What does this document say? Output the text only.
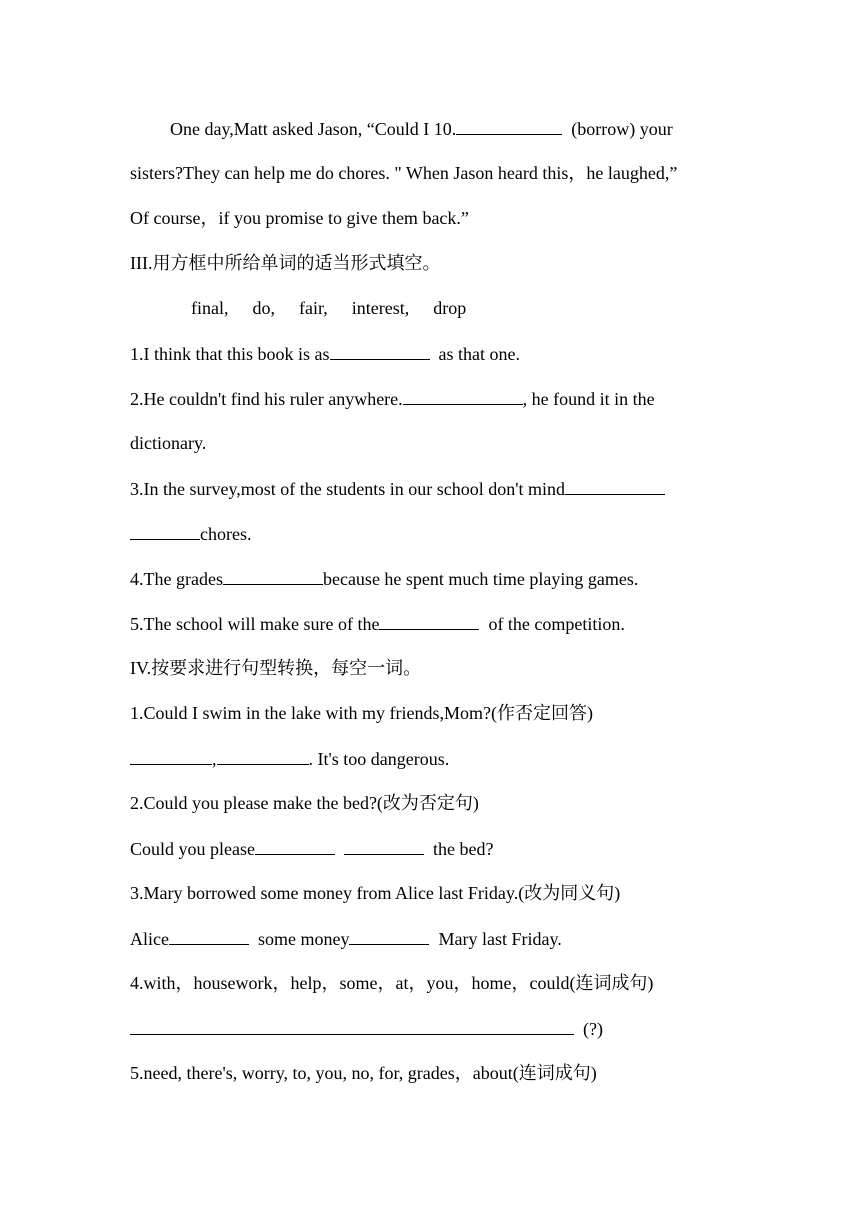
One day,Matt asked Jason, “Could I 10.	(borrow) your
sisters?They can help me do chores. " When Jason heard this，he laughed,”
Of course，if you promise to give them back.”
III.用方框中所给单词的适当形式填空。
final, do, fair, interest, drop
1.I think that this book is as	as that one.
2.He couldn't find his ruler anywhere.	, he found it in the
dictionary.
3.In the survey,most of the students in our school don't mind
chores.
4.The grades	because he spent much time playing games.
5.The school will make sure of the	of the competition.
IV.按要求进行句型转换，每空一词。
1.Could I swim in the lake with my friends,Mom?(作否定回答)
,	. It's too dangerous.
2.Could you please make the bed?(改为否定句)
Could you please	the bed?
3.Mary borrowed some money from Alice last Friday.(改为同义句)
Alice	some money	Mary last Friday.
4.with，housework，help，some，at，you，home，could(连词成句)
(?)
5.need, there's, worry, to, you, no, for, grades，about(连词成句)
